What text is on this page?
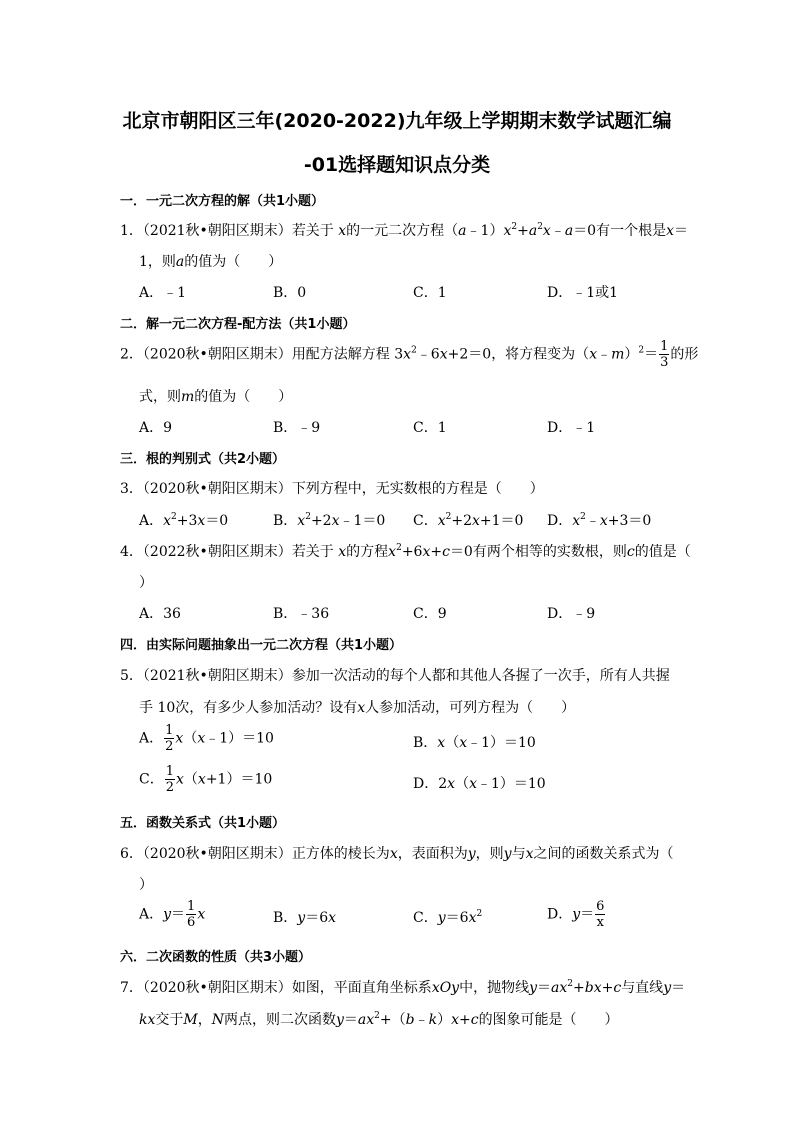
北京市朝阳区三年(2020-2022)九年级上学期期末数学试题汇编
-01选择题知识点分类
一．一元二次方程的解（共1小题）
1．（2021秋•朝阳区期末）若关于 x的一元二次方程$(a﹣1)x^2+a^2x﹣a=0$有一个根是x＝
1，则a的值为（　　）
A．﹣1	B．0	C．1	D．﹣1或1
二．解一元二次方程-配方法（共1小题）
2．（2020秋•朝阳区期末）用配方法解方程 $3x^2﹣6x+2=0$，将方程变为（x﹣m）$^2$＝ $\frac{1}{3}$ 的形
式，则m的值为（　　）
A．9	B．﹣9	C．1	D．﹣1
三．根的判别式（共2小题）
3．（2020秋•朝阳区期末）下列方程中，无实数根的方程是（　　）
A．$x^2+3x=0$	B．$x^2+2x﹣1=0$ C．$x^2+2x+1=0$ D．$x^2﹣x+3=0$
4．（2022秋•朝阳区期末）若关于 x的方程$x^2+6x+c=0$有两个相等的实数根，则c的值是（
）
A．36	B．﹣36	C．9	D．﹣9
四．由实际问题抽象出一元二次方程（共1小题）
5．（2021秋•朝阳区期末）参加一次活动的每个人都和其他人各握了一次手，所有人共握
手 10次，有多少人参加活动？设有x人参加活动，可列方程为（　　）
A． $\frac{1}{2}$ x（x﹣1）＝10	B．x（x﹣1）＝10
C． $\frac{1}{2} x(x+1)=10$	D．2x（x﹣1）＝10
五．函数关系式（共1小题）
6．（2020秋•朝阳区期末）正方体的棱长为x，表面积为y，则y与x之间的函数关系式为（
）
A．$y= \frac{1}{6}$ x	B．y＝6x	C．$y=6x^2$	D．$y= \frac{6}{x}$
六．二次函数的性质（共3小题）
7．（2020秋•朝阳区期末）如图，平面直角坐标系xOy中，抛物线$y=ax^2+bx+c$与直线y＝
kx交于M，N两点，则二次函数$y=ax^2+(b﹣k)x+c$的图象可能是（　　）
